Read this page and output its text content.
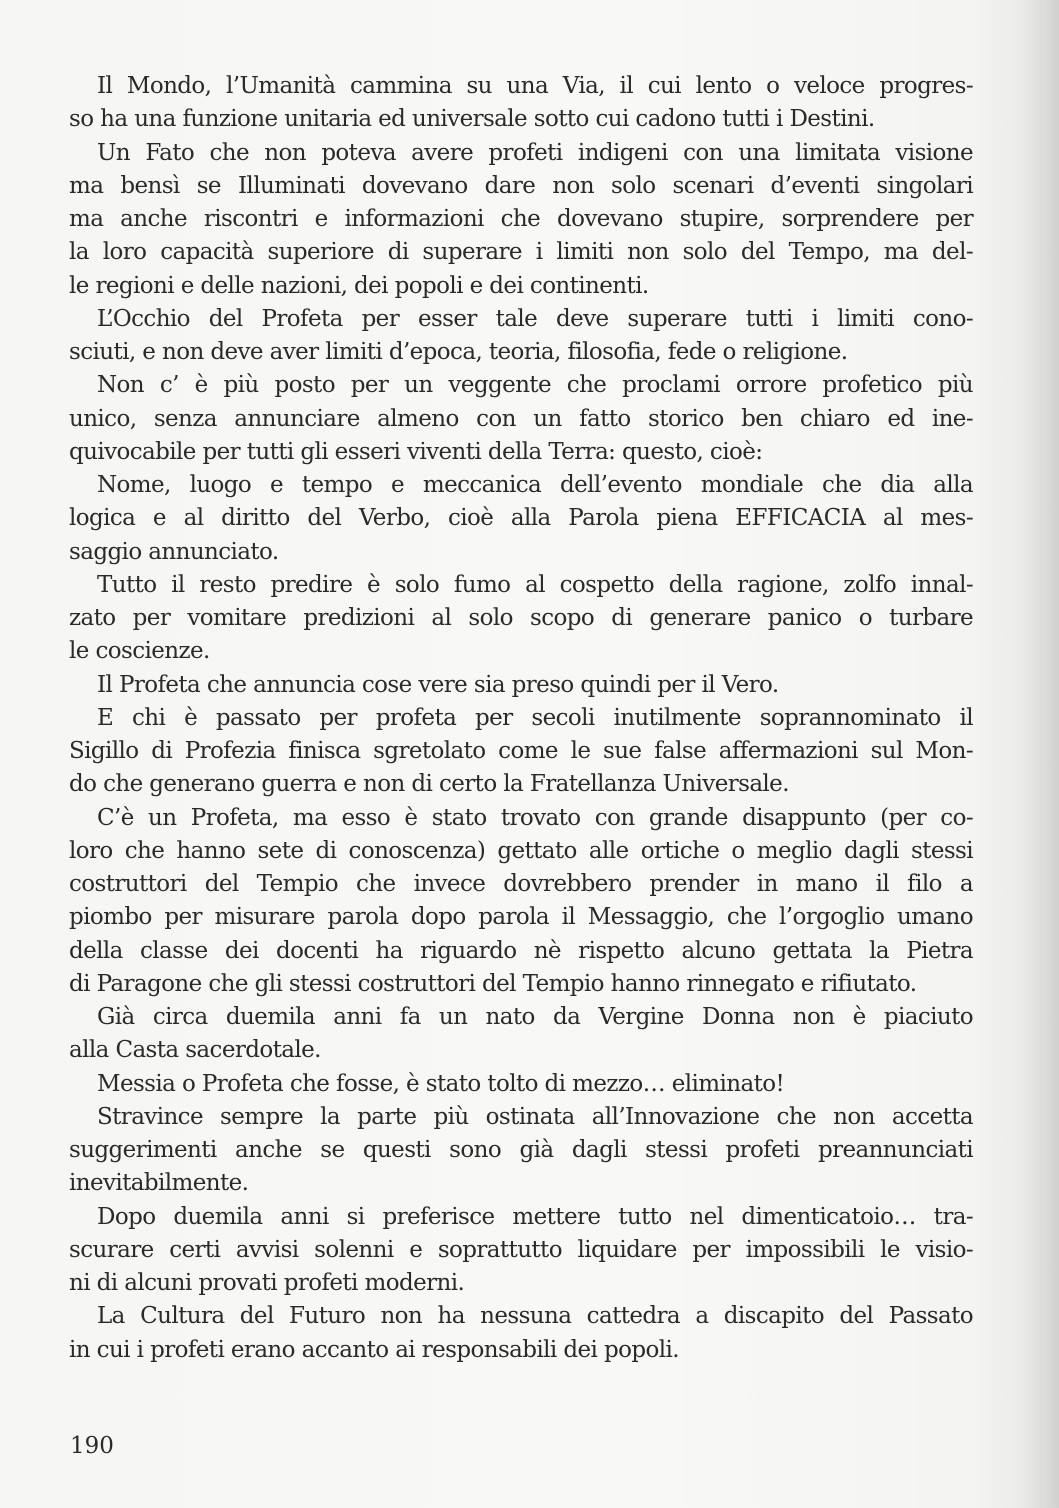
Il Mondo, l’Umanità cammina su una Via, il cui lento o veloce progres-
so ha una funzione unitaria ed universale sotto cui cadono tutti i Destini.
Un Fato che non poteva avere profeti indigeni con una limitata visione
ma bensì se Illuminati dovevano dare non solo scenari d’eventi singolari
ma anche riscontri e informazioni che dovevano stupire, sorprendere per
la loro capacità superiore di superare i limiti non solo del Tempo, ma del-
le regioni e delle nazioni, dei popoli e dei continenti.
L’Occhio del Profeta per esser tale deve superare tutti i limiti cono-
sciuti, e non deve aver limiti d’epoca, teoria, filosofia, fede o religione.
Non c’ è più posto per un veggente che proclami orrore profetico più
unico, senza annunciare almeno con un fatto storico ben chiaro ed ine-
quivocabile per tutti gli esseri viventi della Terra: questo, cioè:
Nome, luogo e tempo e meccanica dell’evento mondiale che dia alla
logica e al diritto del Verbo, cioè alla Parola piena EFFICACIA al mes-
saggio annunciato.
Tutto il resto predire è solo fumo al cospetto della ragione, zolfo innal-
zato per vomitare predizioni al solo scopo di generare panico o turbare
le coscienze.
Il Profeta che annuncia cose vere sia preso quindi per il Vero.
E chi è passato per profeta per secoli inutilmente soprannominato il
Sigillo di Profezia finisca sgretolato come le sue false affermazioni sul Mon-
do che generano guerra e non di certo la Fratellanza Universale.
C’è un Profeta, ma esso è stato trovato con grande disappunto (per co-
loro che hanno sete di conoscenza) gettato alle ortiche o meglio dagli stessi
costruttori del Tempio che invece dovrebbero prender in mano il filo a
piombo per misurare parola dopo parola il Messaggio, che l’orgoglio umano
della classe dei docenti ha riguardo nè rispetto alcuno gettata la Pietra
di Paragone che gli stessi costruttori del Tempio hanno rinnegato e rifiutato.
Già circa duemila anni fa un nato da Vergine Donna non è piaciuto
alla Casta sacerdotale.
Messia o Profeta che fosse, è stato tolto di mezzo… eliminato!
Stravince sempre la parte più ostinata all’Innovazione che non accetta
suggerimenti anche se questi sono già dagli stessi profeti preannunciati
inevitabilmente.
Dopo duemila anni si preferisce mettere tutto nel dimenticatoio… tra-
scurare certi avvisi solenni e soprattutto liquidare per impossibili le visio-
ni di alcuni provati profeti moderni.
La Cultura del Futuro non ha nessuna cattedra a discapito del Passato
in cui i profeti erano accanto ai responsabili dei popoli.
190
